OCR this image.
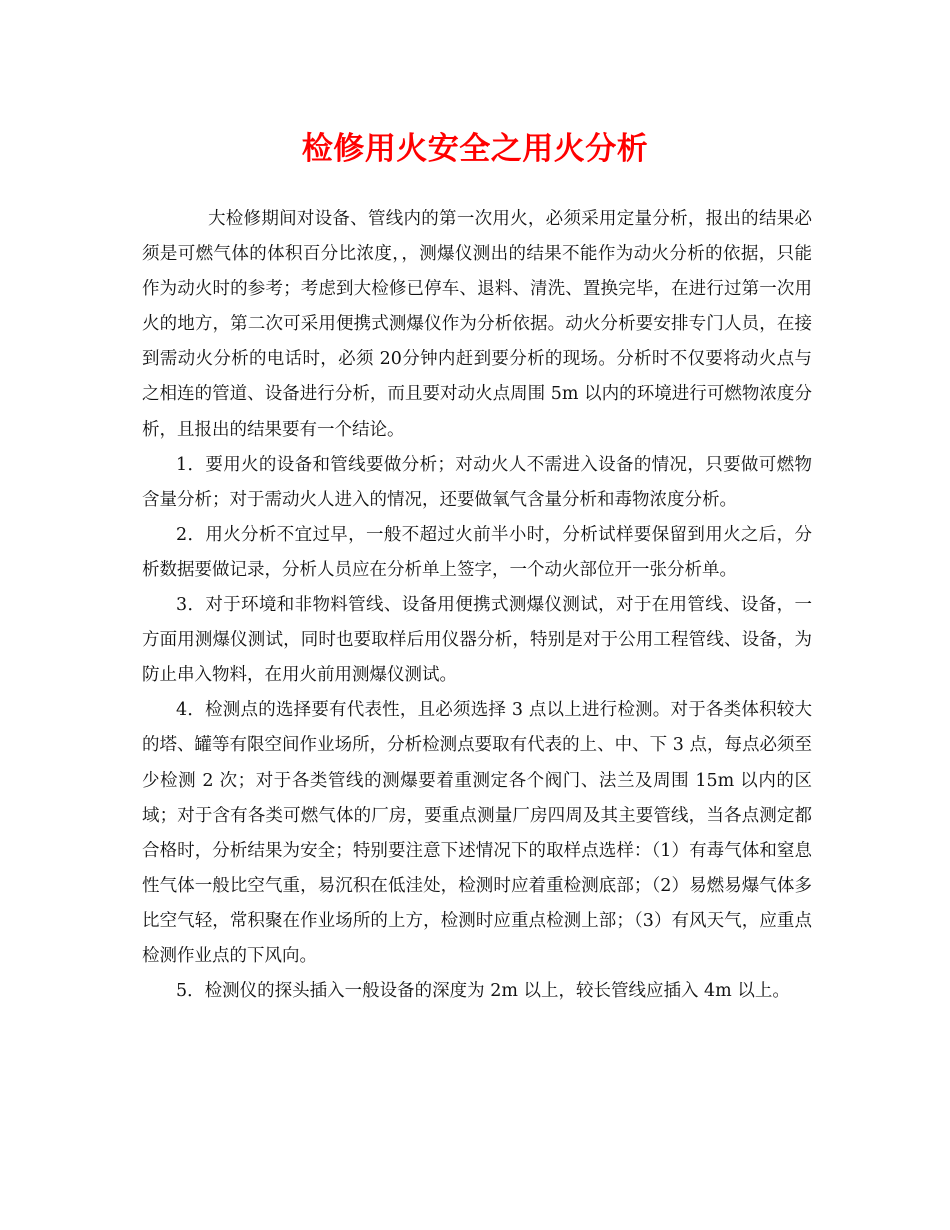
检修用火安全之用火分析

大检修期间对设备、管线内的第一次用火，必须采用定量分析，报出的结果必须是可燃气体的体积百分比浓度，，测爆仪测出的结果不能作为动火分析的依据，只能作为动火时的参考；考虑到大检修已停车、退料、清洗、置换完毕，在进行过第一次用火的地方，第二次可采用便携式测爆仪作为分析依据。动火分析要安排专门人员，在接到需动火分析的电话时，必须 20分钟内赶到要分析的现场。分析时不仅要将动火点与之相连的管道、设备进行分析，而且要对动火点周围 5m 以内的环境进行可燃物浓度分析，且报出的结果要有一个结论。

1．要用火的设备和管线要做分析；对动火人不需进入设备的情况，只要做可燃物含量分析；对于需动火人进入的情况，还要做氧气含量分析和毒物浓度分析。

2．用火分析不宜过早，一般不超过火前半小时，分析试样要保留到用火之后，分析数据要做记录，分析人员应在分析单上签字，一个动火部位开一张分析单。

3．对于环境和非物料管线、设备用便携式测爆仪测试，对于在用管线、设备，一方面用测爆仪测试，同时也要取样后用仪器分析，特别是对于公用工程管线、设备，为防止串入物料，在用火前用测爆仪测试。

4．检测点的选择要有代表性，且必须选择 3 点以上进行检测。对于各类体积较大的塔、罐等有限空间作业场所，分析检测点要取有代表的上、中、下 3 点，每点必须至少检测 2 次；对于各类管线的测爆要着重测定各个阀门、法兰及周围 15m 以内的区域；对于含有各类可燃气体的厂房，要重点测量厂房四周及其主要管线，当各点测定都合格时，分析结果为安全；特别要注意下述情况下的取样点选样：（1）有毒气体和窒息性气体一般比空气重，易沉积在低洼处，检测时应着重检测底部；（2）易燃易爆气体多比空气轻，常积聚在作业场所的上方，检测时应重点检测上部；（3）有风天气，应重点检测作业点的下风向。

5．检测仪的探头插入一般设备的深度为 2m 以上，较长管线应插入 4m 以上。
